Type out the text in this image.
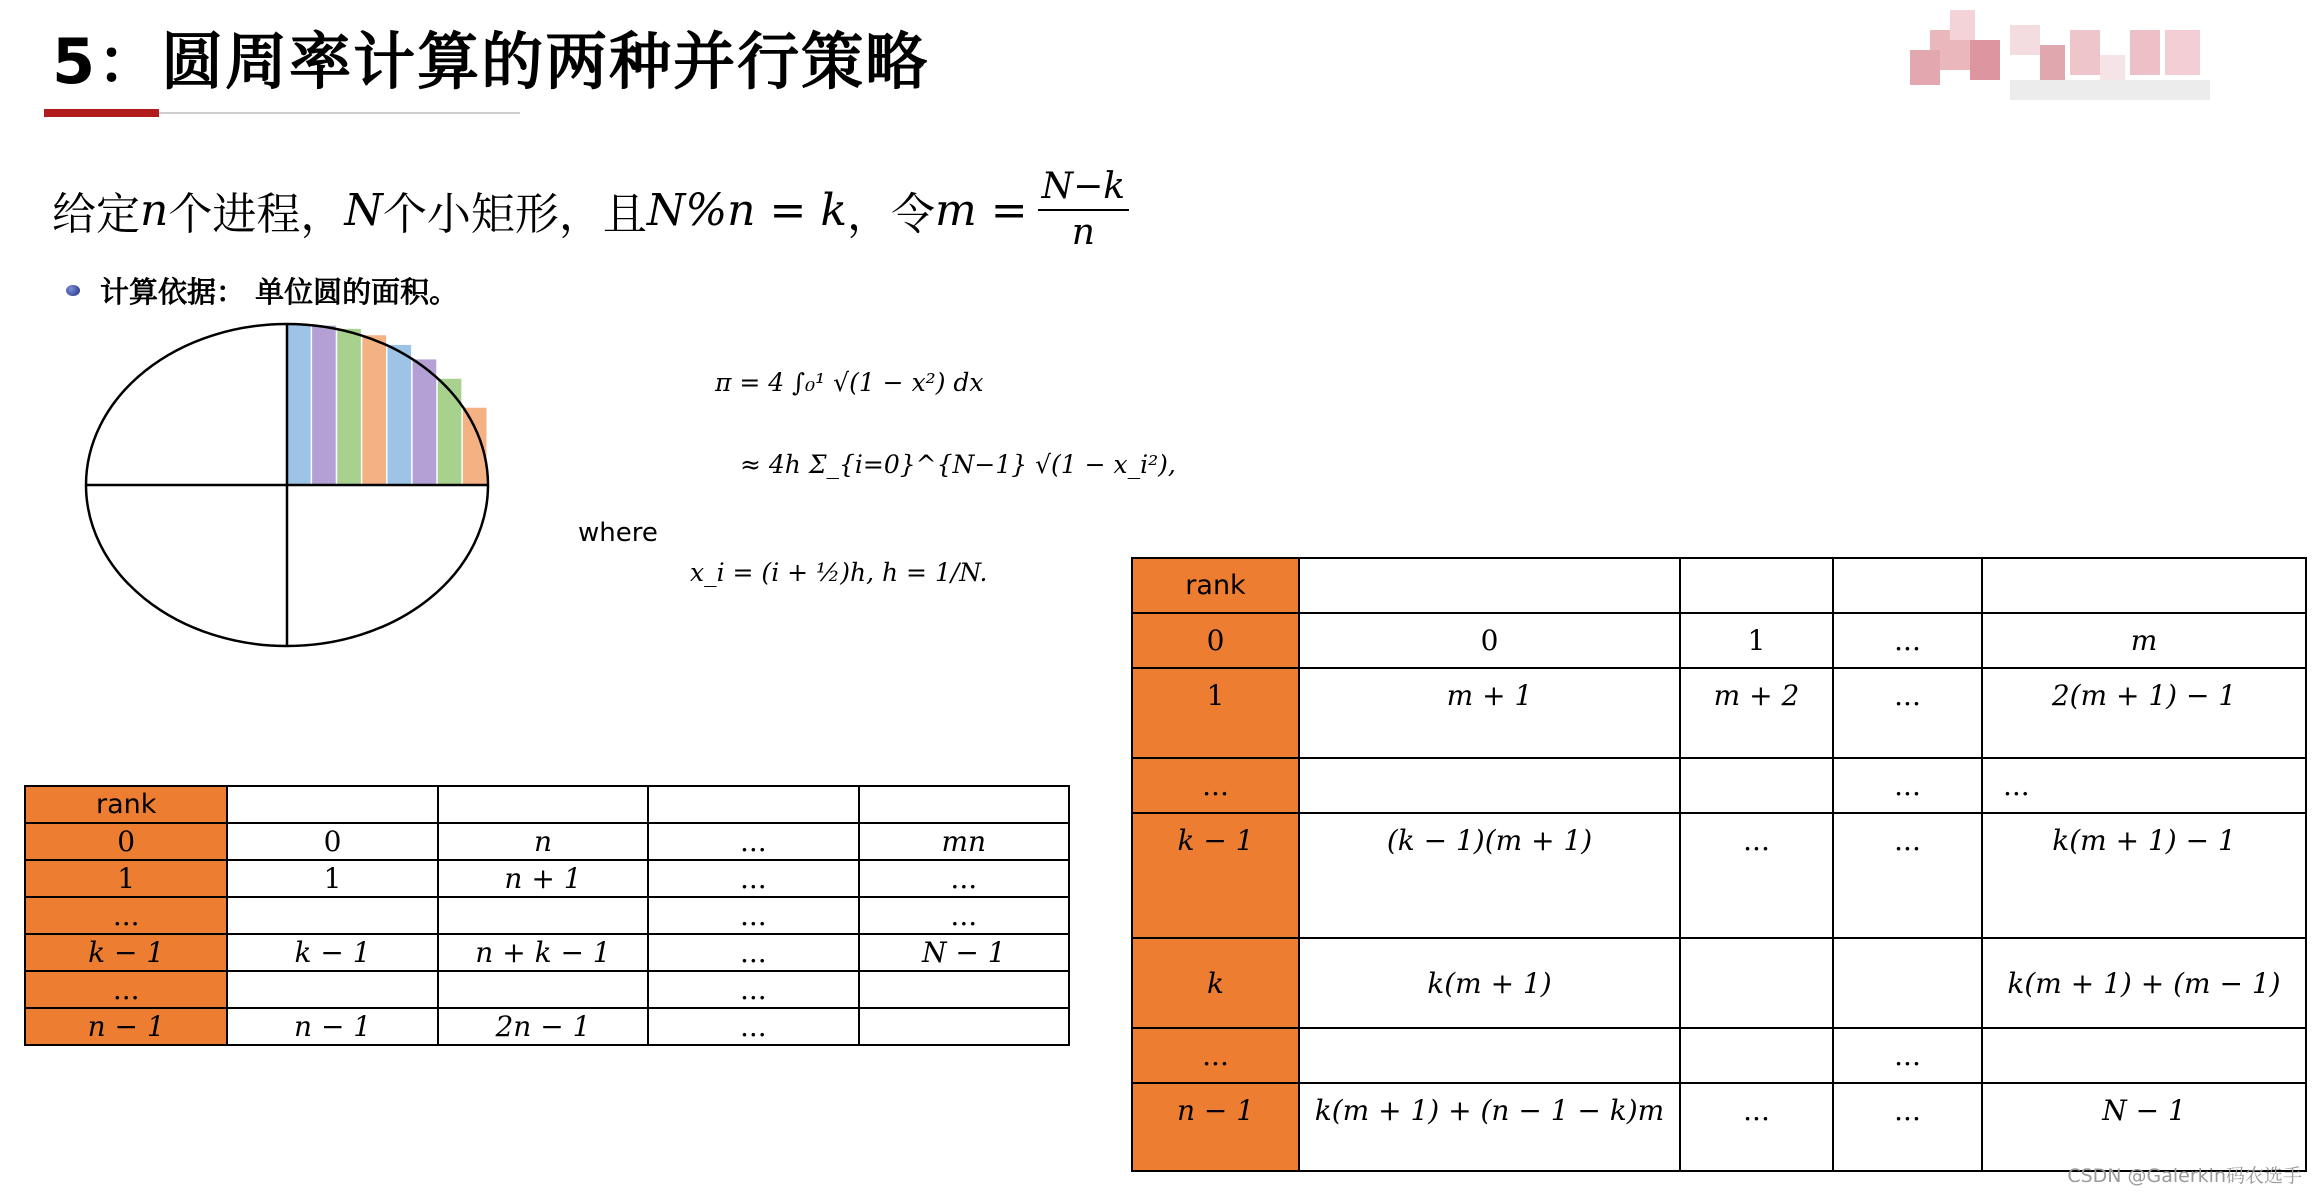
5：圆周率计算的两种并行策略
给定 n 个进程， N 个小矩形，且 N%n = k ，令 $m = \frac{N-k}{n}$
计算依据： 单位圆的面积。
π = 4 ∫₀¹ √(1 − x²) dx
≈ 4h Σ_{i=0}^{N−1} √(1 − x_i²),
x_i = (i + ½)h, h = 1/N.
where
rank				
0	0	n	...	mn
1	1	n + 1	...	...
...			...	...
k − 1	k − 1	n + k − 1	...	N − 1
...			...	
n − 1	n − 1	2n − 1	...	
rank				
0	0	1	...	m
1	m + 1	m + 2	...	2(m + 1) − 1
...			...	...
k − 1	(k − 1)(m + 1)	...	...	k(m + 1) − 1
k	k(m + 1)			k(m + 1) + (m − 1)
...			...	
n − 1	k(m + 1) + (n − 1 − k)m	...	...	N − 1
CSDN @Galerkin码农选手
